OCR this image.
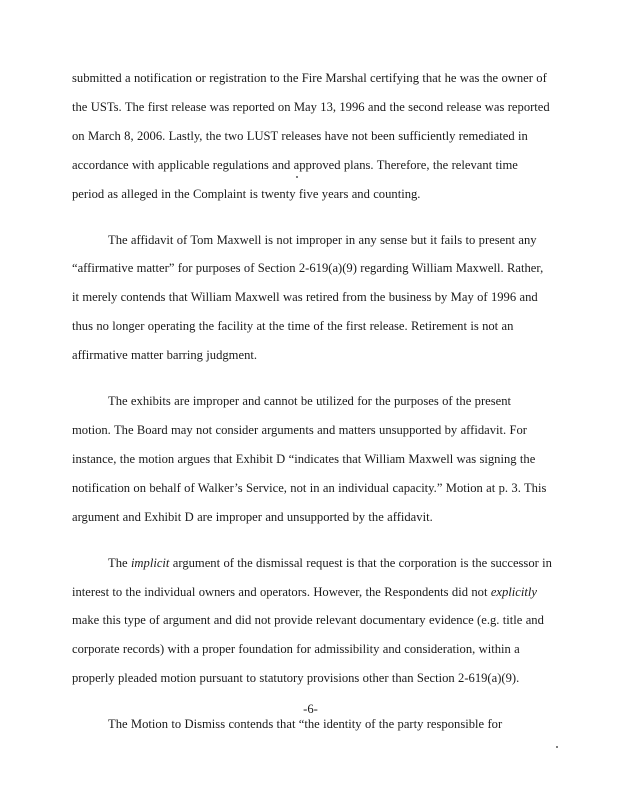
submitted a notification or registration to the Fire Marshal certifying that he was the owner of the USTs. The first release was reported on May 13, 1996 and the second release was reported on March 8, 2006. Lastly, the two LUST releases have not been sufficiently remediated in accordance with applicable regulations and approved plans. Therefore, the relevant time period as alleged in the Complaint is twenty five years and counting.

The affidavit of Tom Maxwell is not improper in any sense but it fails to present any “affirmative matter” for purposes of Section 2-619(a)(9) regarding William Maxwell. Rather, it merely contends that William Maxwell was retired from the business by May of 1996 and thus no longer operating the facility at the time of the first release. Retirement is not an affirmative matter barring judgment.

The exhibits are improper and cannot be utilized for the purposes of the present motion. The Board may not consider arguments and matters unsupported by affidavit. For instance, the motion argues that Exhibit D “indicates that William Maxwell was signing the notification on behalf of Walker’s Service, not in an individual capacity.” Motion at p. 3. This argument and Exhibit D are improper and unsupported by the affidavit.

The implicit argument of the dismissal request is that the corporation is the successor in interest to the individual owners and operators. However, the Respondents did not explicitly make this type of argument and did not provide relevant documentary evidence (e.g. title and corporate records) with a proper foundation for admissibility and consideration, within a properly pleaded motion pursuant to statutory provisions other than Section 2-619(a)(9).

The Motion to Dismiss contends that “the identity of the party responsible for

-6-
